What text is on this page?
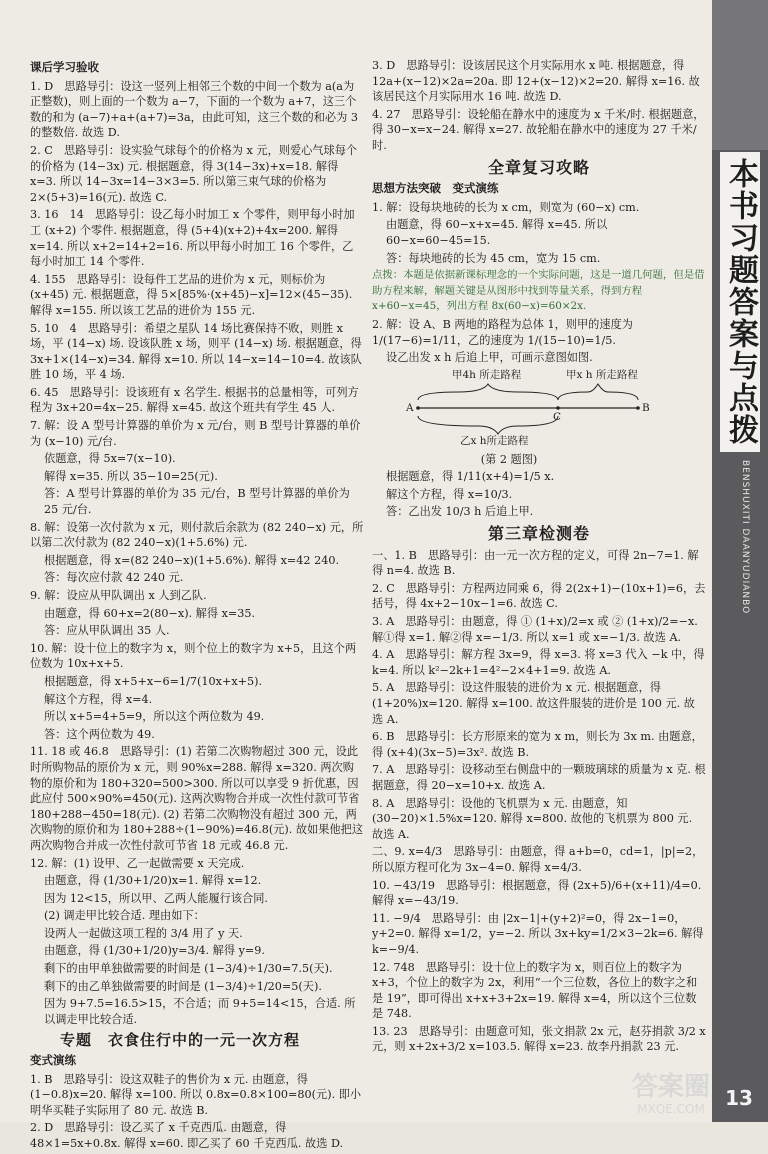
课后学习验收
1. D　思路导引：设这一竖列上相邻三个数的中间一个数为 a(a为正整数)，则上面的一个数为 a−7，下面的一个数为 a+7，这三个数的和为 (a−7)+a+(a+7)=3a，由此可知，这三个数的和必为 3 的整数倍. 故选 D.
2. C　思路导引：设实验气球每个的价格为 x 元，则爱心气球每个的价格为 (14−3x) 元. 根据题意，得 3(14−3x)+x=18. 解得 x=3. 所以 14−3x=14−3×3=5. 所以第三束气球的价格为 2×(5+3)=16(元). 故选 C.
3. 16　14　思路导引：设乙每小时加工 x 个零件，则甲每小时加工 (x+2) 个零件. 根据题意，得 (5+4)(x+2)+4x=200. 解得 x=14. 所以 x+2=14+2=16. 所以甲每小时加工 16 个零件，乙每小时加工 14 个零件.
4. 155　思路导引：设每件工艺品的进价为 x 元，则标价为 (x+45) 元. 根据题意，得 5×[85%·(x+45)−x]=12×(45−35). 解得 x=155. 所以该工艺品的进价为 155 元.
5. 10　4　思路导引：希望之星队 14 场比赛保持不败，则胜 x 场，平 (14−x) 场. 设该队胜 x 场，则平 (14−x) 场. 根据题意，得 3x+1×(14−x)=34. 解得 x=10. 所以 14−x=14−10=4. 故该队胜 10 场，平 4 场.
6. 45　思路导引：设该班有 x 名学生. 根据书的总量相等，可列方程为 3x+20=4x−25. 解得 x=45. 故这个班共有学生 45 人.
7. 解：设 A 型号计算器的单价为 x 元/台，则 B 型号计算器的单价为 (x−10) 元/台.
依题意，得 5x=7(x−10).
解得 x=35. 所以 35−10=25(元).
答：A 型号计算器的单价为 35 元/台，B 型号计算器的单价为 25 元/台.
8. 解：设第一次付款为 x 元，则付款后余款为 (82 240−x) 元，所以第二次付款为 (82 240−x)(1+5.6%) 元.
根据题意，得 x=(82 240−x)(1+5.6%). 解得 x=42 240.
答：每次应付款 42 240 元.
9. 解：设应从甲队调出 x 人到乙队.
由题意，得 60+x=2(80−x). 解得 x=35.
答：应从甲队调出 35 人.
10. 解：设十位上的数字为 x，则个位上的数字为 x+5，且这个两位数为 10x+x+5.
根据题意，得 x+5+x−6=1/7(10x+x+5).
解这个方程，得 x=4.
所以 x+5=4+5=9，所以这个两位数为 49.
答：这个两位数为 49.
11. 18 或 46.8　思路导引：(1) 若第二次购物超过 300 元，设此时所购物品的原价为 x 元，则 90%x=288. 解得 x=320. 两次购物的原价和为 180+320=500>300. 所以可以享受 9 折优惠，因此应付 500×90%=450(元). 这两次购物合并成一次性付款可节省 180+288−450=18(元). (2) 若第二次购物没有超过 300 元，两次购物的原价和为 180+288÷(1−90%)=46.8(元). 故如果他把这两次购物合并成一次性付款可节省 18 元或 46.8 元.
12. 解：(1) 设甲、乙一起做需要 x 天完成.
由题意，得 (1/30+1/20)x=1. 解得 x=12.
因为 12<15，所以甲、乙两人能履行该合同.
(2) 调走甲比较合适. 理由如下：
设两人一起做这项工程的 3/4 用了 y 天.
由题意，得 (1/30+1/20)y=3/4. 解得 y=9.
剩下的由甲单独做需要的时间是 (1−3/4)÷1/30=7.5(天).
剩下的由乙单独做需要的时间是 (1−3/4)÷1/20=5(天).
因为 9+7.5=16.5>15，不合适；而 9+5=14<15，合适. 所以调走甲比较合适.
专题　衣食住行中的一元一次方程
变式演练
1. B　思路导引：设这双鞋子的售价为 x 元. 由题意，得 (1−0.8)x=20. 解得 x=100. 所以 0.8x=0.8×100=80(元). 即小明华买鞋子实际用了 80 元. 故选 B.
2. D　思路导引：设乙买了 x 千克西瓜. 由题意，得 48×1=5x+0.8x. 解得 x=60. 即乙买了 60 千克西瓜. 故选 D.
3. D　思路导引：设该居民这个月实际用水 x 吨. 根据题意，得 12a+(x−12)×2a=20a. 即 12+(x−12)×2=20. 解得 x=16. 故该居民这个月实际用水 16 吨. 故选 D.
4. 27　思路导引：设轮船在静水中的速度为 x 千米/时. 根据题意，得 30−x=x−24. 解得 x=27. 故轮船在静水中的速度为 27 千米/时.
全章复习攻略
思想方法突破　变式演练
1. 解：设每块地砖的长为 x cm，则宽为 (60−x) cm.
由题意，得 60−x+x=45. 解得 x=45. 所以 60−x=60−45=15.
答：每块地砖的长为 45 cm，宽为 15 cm.
点拨：本题是依据新课标理念的一个实际问题，这是一道几何题，但是借助方程来解，解题关键是从图形中找到等量关系，得到方程 x+60−x=45，列出方程 8x(60−x)=60×2x.
2. 解：设 A、B 两地的路程为总体 1，则甲的速度为 1/(17−6)=1/11，乙的速度为 1/(15−10)=1/5.
设乙出发 x h 后追上甲，可画示意图如图.
甲4h 所走路程	甲x h 所走路程
A
C
B
乙x h所走路程
(第 2 题图)
根据题意，得 1/11(x+4)=1/5 x.
解这个方程，得 x=10/3.
答：乙出发 10/3 h 后追上甲.
第三章检测卷
一、1. B　思路导引：由一元一次方程的定义，可得 2n−7=1. 解得 n=4. 故选 B.
2. C　思路导引：方程两边同乘 6，得 2(2x+1)−(10x+1)=6，去括号，得 4x+2−10x−1=6. 故选 C.
3. A　思路导引：由题意，得 ① (1+x)/2=x 或 ② (1+x)/2=−x. 解①得 x=1. 解②得 x=−1/3. 所以 x=1 或 x=−1/3. 故选 A.
4. A　思路导引：解方程 3x=9，得 x=3. 将 x=3 代入 −k 中，得 k=4. 所以 k²−2k+1=4²−2×4+1=9. 故选 A.
5. A　思路导引：设这件服装的进价为 x 元. 根据题意，得 (1+20%)x=120. 解得 x=100. 故这件服装的进价是 100 元. 故选 A.
6. B　思路导引：长方形原来的宽为 x m，则长为 3x m. 由题意，得 (x+4)(3x−5)=3x². 故选 B.
7. A　思路导引：设移动至右侧盘中的一颗玻璃球的质量为 x 克. 根据题意，得 20−x=10+x. 故选 A.
8. A　思路导引：设他的飞机票为 x 元. 由题意，知 (30−20)×1.5%x=120. 解得 x=800. 故他的飞机票为 800 元. 故选 A.
二、9. x=4/3　思路导引：由题意，得 a+b=0，cd=1，|p|=2，所以原方程可化为 3x−4=0. 解得 x=4/3.
10. −43/19　思路导引：根据题意，得 (2x+5)/6+(x+11)/4=0. 解得 x=−43/19.
11. −9/4　思路导引：由 |2x−1|+(y+2)²=0，得 2x−1=0，y+2=0. 解得 x=1/2，y=−2. 所以 3x+ky=1/2×3−2k=6. 解得 k=−9/4.
12. 748　思路导引：设十位上的数字为 x，则百位上的数字为 x+3，个位上的数字为 2x，利用“一个三位数，各位上的数字之和是 19”，即可得出 x+x+3+2x=19. 解得 x=4，所以这个三位数是 748.
13. 23　思路导引：由题意可知，张文捐款 2x 元，赵芬捐款 3/2 x 元，则 x+2x+3/2 x=103.5. 解得 x=23. 故李丹捐款 23 元.
本书习题答案与点拨
BENSHUXITI DAANYUDIANBO
答案圈
MXQE.COM	13
